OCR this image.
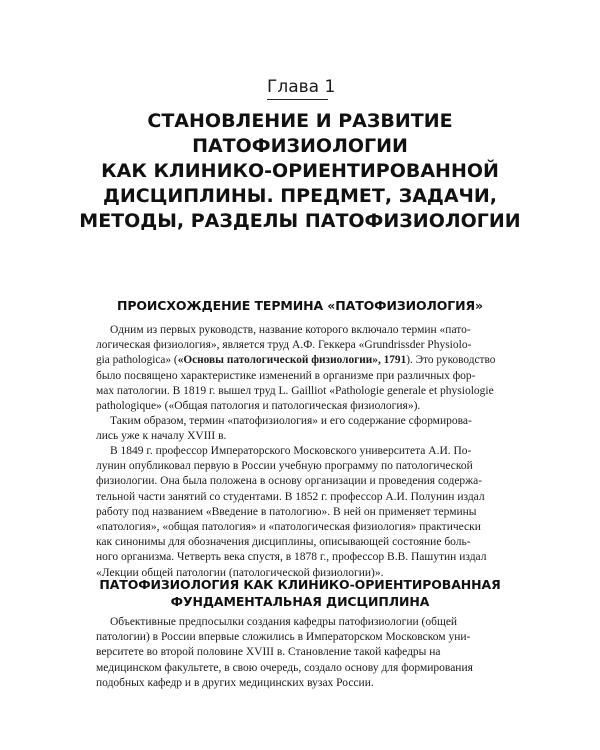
Глава 1
СТАНОВЛЕНИЕ И РАЗВИТИЕ
ПАТОФИЗИОЛОГИИ
КАК КЛИНИКО-ОРИЕНТИРОВАННОЙ
ДИСЦИПЛИНЫ. ПРЕДМЕТ, ЗАДАЧИ,
МЕТОДЫ, РАЗДЕЛЫ ПАТОФИЗИОЛОГИИ
ПРОИСХОЖДЕНИЕ ТЕРМИНА «ПАТОФИЗИОЛОГИЯ»

Одним из первых руководств, название которого включало термин «пато-
логическая физиология», является труд А.Ф. Геккера «Grundrissder Physiolo-
gia pathologica» («Основы патологической физиологии», 1791). Это руководство
было посвящено характеристике изменений в организме при различных фор-
мах патологии. В 1819 г. вышел труд L. Gailliot «Pathologie generale et physiologie
pathologique» («Общая патология и патологическая физиология»).

Таким образом, термин «патофизиология» и его содержание сформирова-
лись уже к началу XVIII в.

В 1849 г. профессор Императорского Московского университета А.И. По-
лунин опубликовал первую в России учебную программу по патологической
физиологии. Она была положена в основу организации и проведения содержа-
тельной части занятий со студентами. В 1852 г. профессор А.И. Полунин издал
работу под названием «Введение в патологию». В ней он применяет термины
«патология», «общая патология» и «патологическая физиология» практически
как синонимы для обозначения дисциплины, описывающей состояние боль-
ного организма. Четверть века спустя, в 1878 г., профессор В.В. Пашутин издал
«Лекции общей патологии (патологической физиологии)».

ПАТОФИЗИОЛОГИЯ КАК КЛИНИКО-ОРИЕНТИРОВАННАЯ
ФУНДАМЕНТАЛЬНАЯ ДИСЦИПЛИНА

Объективные предпосылки создания кафедры патофизиологии (общей
патологии) в России впервые сложились в Императорском Московском уни-
верситете во второй половине XVIII в. Становление такой кафедры на
медицинском факультете, в свою очередь, создало основу для формирования
подобных кафедр и в других медицинских вузах России.
